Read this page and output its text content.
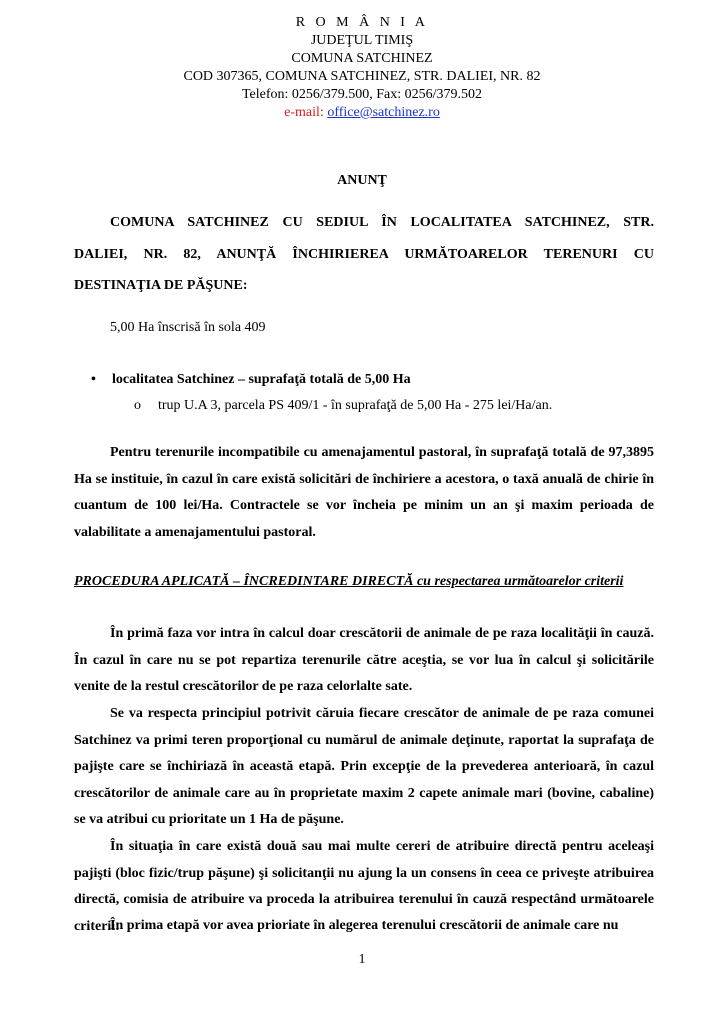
R O M Â N I A
JUDEŢUL TIMIŞ
COMUNA SATCHINEZ
COD 307365, COMUNA SATCHINEZ, STR. DALIEI, NR. 82
Telefon: 0256/379.500, Fax: 0256/379.502
e-mail: office@satchinez.ro
ANUNŢ
COMUNA SATCHINEZ CU SEDIUL ÎN LOCALITATEA SATCHINEZ, STR.
DALIEI, NR. 82, ANUNŢĂ ÎNCHIRIEREA URMĂTOARELOR TERENURI CU
DESTINAŢIA DE PĂŞUNE:
5,00 Ha înscrisă în sola 409
• localitatea Satchinez – suprafaţă totală de 5,00 Ha
o trup U.A 3, parcela PS 409/1 - în suprafaţă de 5,00 Ha - 275 lei/Ha/an.
Pentru terenurile incompatibile cu amenajamentul pastoral, în suprafaţă totală de 97,3895 Ha se instituie, în cazul în care există solicitări de închiriere a acestora, o taxă anuală de chirie în cuantum de 100 lei/Ha. Contractele se vor încheia pe minim un an şi maxim perioada de valabilitate a amenajamentului pastoral.
PROCEDURA APLICATĂ – ÎNCREDINTARE DIRECTĂ cu respectarea următoarelor criterii
În primă faza vor intra în calcul doar crescătorii de animale de pe raza localităţii în cauză. În cazul în care nu se pot repartiza terenurile către aceştia, se vor lua în calcul şi solicitările venite de la restul crescătorilor de pe raza celorlalte sate.
Se va respecta principiul potrivit căruia fiecare crescător de animale de pe raza comunei Satchinez va primi teren proporţional cu numărul de animale deţinute, raportat la suprafaţa de pajişte care se închiriază în această etapă. Prin excepţie de la prevederea anterioară, în cazul crescătorilor de animale care au în proprietate maxim 2 capete animale mari (bovine, cabaline) se va atribui cu prioritate un 1 Ha de păşune.
În situaţia în care există două sau mai multe cereri de atribuire directă pentru aceleaşi pajişti (bloc fizic/trup păşune) şi solicitanţii nu ajung la un consens în ceea ce priveşte atribuirea directă, comisia de atribuire va proceda la atribuirea terenului în cauză respectând următoarele criterii:
În prima etapă vor avea prioriate în alegerea terenului crescătorii de animale care nu
1
